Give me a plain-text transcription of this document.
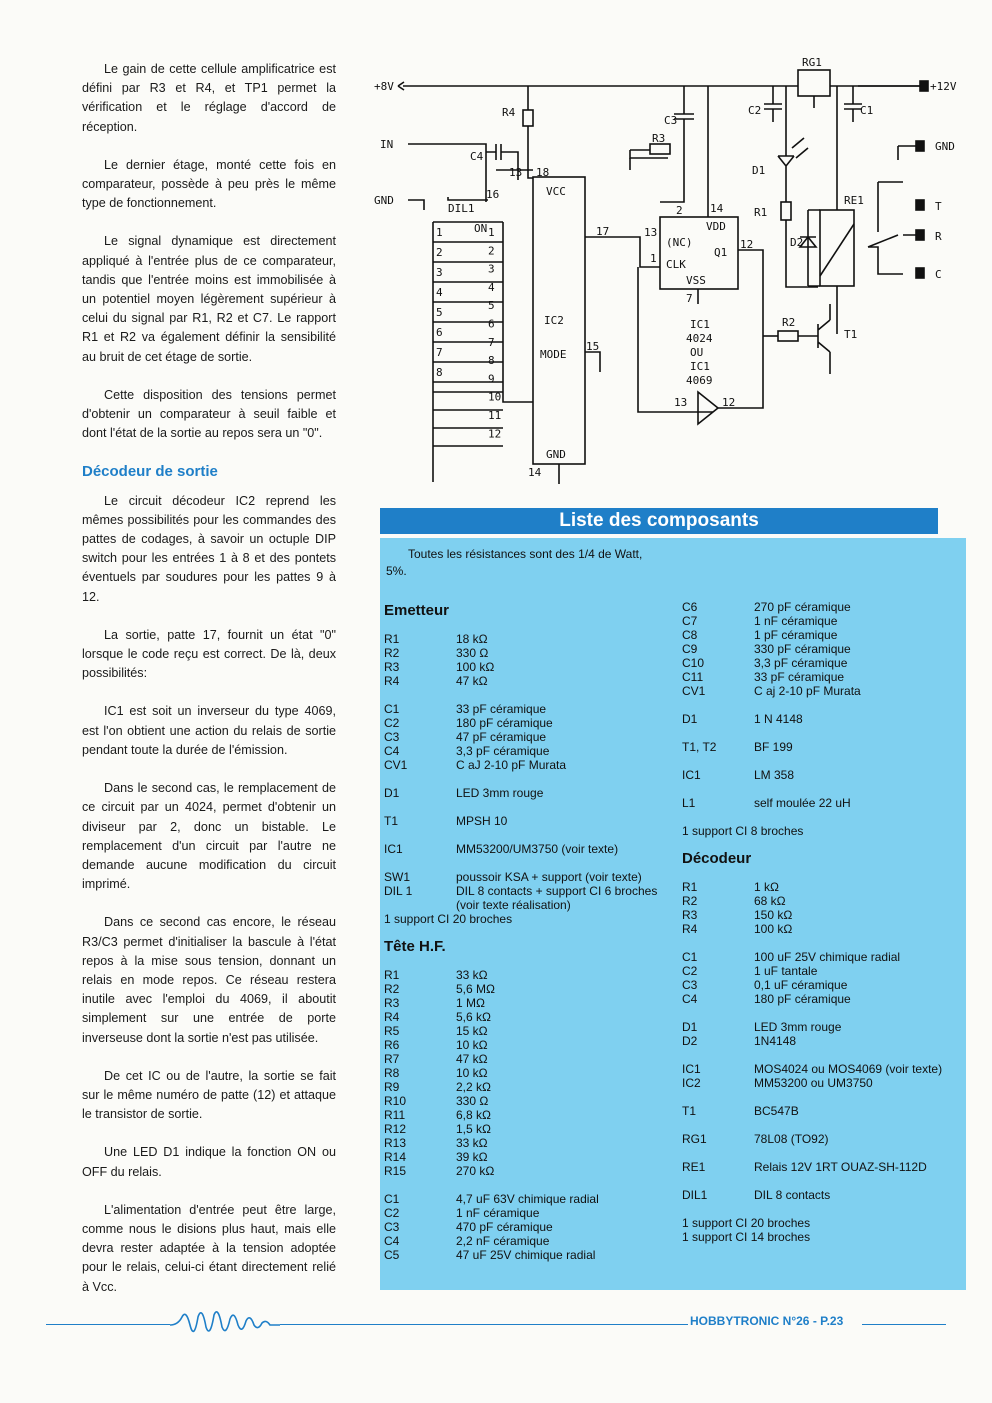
Le gain de cette cellule amplificatrice est défini par R3 et R4, et TP1 permet la vérification et le réglage d'accord de réception.

Le dernier étage, monté cette fois en comparateur, possède à peu près le même type de fonctionnement.

Le signal dynamique est directement appliqué à l'entrée plus de ce comparateur, tandis que l'entrée moins est immobilisée à un potentiel moyen légèrement supérieur à celui du signal par R1, R2 et C7. Le rapport R1 et R2 va également définir la sensibilité au bruit de cet étage de sortie.

Cette disposition des tensions permet d'obtenir un comparateur à seuil faible et dont l'état de la sortie au repos sera un "0".

Décodeur de sortie

Le circuit décodeur IC2 reprend les mêmes possibilités pour les commandes des pattes de codages, à savoir un octuple DIP switch pour les entrées 1 à 8 et des pontets éventuels par soudures pour les pattes 9 à 12.

La sortie, patte 17, fournit un état "0" lorsque le code reçu est correct. De là, deux possibilités:

IC1 est soit un inverseur du type 4069, est l'on obtient une action du relais de sortie pendant toute la durée de l'émission.

Dans le second cas, le remplacement de ce circuit par un 4024, permet d'obtenir un diviseur par 2, donc un bistable. Le remplacement d'un circuit par l'autre ne demande aucune modification du circuit imprimé.

Dans ce second cas encore, le réseau R3/C3 permet d'initialiser la bascule à l'état repos à la mise sous tension, donnant un relais en mode repos. Ce réseau restera inutile avec l'emploi du 4069, il aboutit simplement sur une entrée de porte inverseuse dont la sortie n'est pas utilisée.

De cet IC ou de l'autre, la sortie se fait sur le même numéro de patte (12) et attaque le transistor de sortie.

Une LED D1 indique la fonction ON ou OFF du relais.

L'alimentation d'entrée peut être large, comme nous le disions plus haut, mais elle devra rester adaptée à la tension adoptée pour le relais, celui-ci étant directement relié à Vcc.

+8V	+12V
IN
GND
GND
RG1
R4
C3
R3
C4
C2	C1
D1
RE1
R1
D2
DIL1
ON
VCC
IC2
MODE
GND
VDD
(NC)
CLK
Q1
VSS
IC1
4024
OU
IC1
4069
R2
T1
T
R
C
13 18
16
17
15
14
2 14
13
1
12
7
13	12
1
2
3
4
5
6
7
8
1
2
3
4
5
6
7
8
9
10
11
12
Liste des composants
Toutes les résistances sont des 1/4 de Watt, 5%.
Emetteur
R1	18 kΩ
R2	330 Ω
R3	100 kΩ
R4	47 kΩ
C1	33 pF céramique
C2	180 pF céramique
C3	47 pF céramique
C4	3,3 pF céramique
CV1	C aJ 2-10 pF Murata
D1	LED 3mm rouge
T1	MPSH 10
IC1	MM53200/UM3750 (voir texte)
SW1	poussoir KSA + support (voir texte)
DIL 1	DIL 8 contacts + support CI 6 broches (voir texte réalisation)
1 support CI 20 broches
Tête H.F.
R1	33 kΩ
R2	5,6 MΩ
R3	1 MΩ
R4	5,6 kΩ
R5	15 kΩ
R6	10 kΩ
R7	47 kΩ
R8	10 kΩ
R9	2,2 kΩ
R10	330 Ω
R11	6,8 kΩ
R12	1,5 kΩ
R13	33 kΩ
R14	39 kΩ
R15	270 kΩ
C1	4,7 uF 63V chimique radial
C2	1 nF céramique
C3	470 pF céramique
C4	2,2 nF céramique
C5	47 uF 25V chimique radial
C6	270 pF céramique
C7	1 nF céramique
C8	1 pF céramique
C9	330 pF céramique
C10	3,3 pF céramique
C11	33 pF céramique
CV1	C aj 2-10 pF Murata
D1	1 N 4148
T1, T2	BF 199
IC1	LM 358
L1	self moulée 22 uH
1 support CI 8 broches
Décodeur
R1	1 kΩ
R2	68 kΩ
R3	150 kΩ
R4	100 kΩ
C1	100 uF 25V chimique radial
C2	1 uF tantale
C3	0,1 uF céramique
C4	180 pF céramique
D1	LED 3mm rouge
D2	1N4148
IC1	MOS4024 ou MOS4069 (voir texte)
IC2	MM53200 ou UM3750
T1	BC547B
RG1	78L08 (TO92)
RE1	Relais 12V 1RT OUAZ-SH-112D
DIL1	DIL 8 contacts
1 support CI 20 broches
1 support CI 14 broches
HOBBYTRONIC N°26 - P.23
